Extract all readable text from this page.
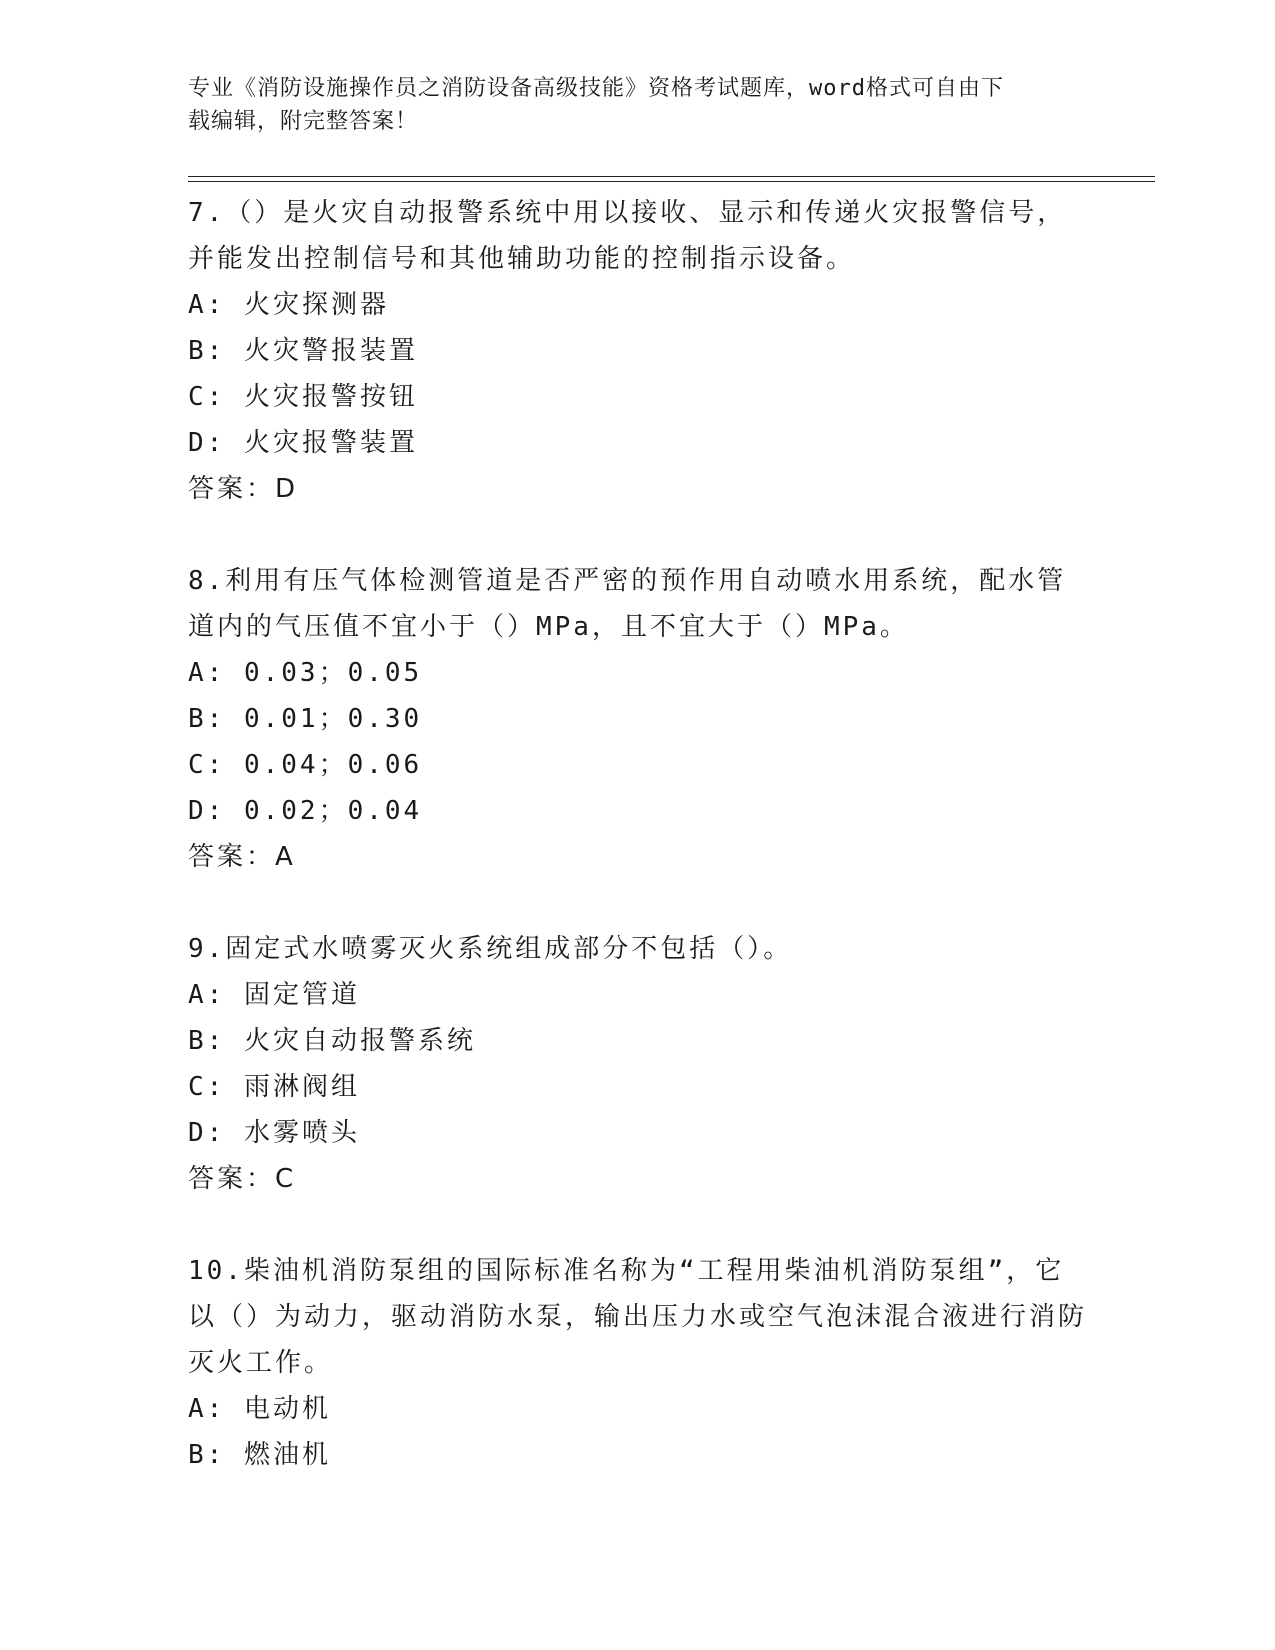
专业《消防设施操作员之消防设备高级技能》资格考试题库，word格式可自由下
载编辑，附完整答案！

7.（）是火灾自动报警系统中用以接收、显示和传递火灾报警信号，并能发出控制信号和其他辅助功能的控制指示设备。

A: 火灾探测器

B: 火灾警报装置

C: 火灾报警按钮

D: 火灾报警装置

答案：D

8.利用有压气体检测管道是否严密的预作用自动喷水用系统，配水管道内的气压值不宜小于（）MPa，且不宜大于（）MPa。

A: 0.03；0.05

B: 0.01；0.30

C: 0.04；0.06

D: 0.02；0.04

答案：A

9.固定式水喷雾灭火系统组成部分不包括（）。

A: 固定管道

B: 火灾自动报警系统

C: 雨淋阀组

D: 水雾喷头

答案：C

10.柴油机消防泵组的国际标准名称为“工程用柴油机消防泵组”，它以（）为动力，驱动消防水泵，输出压力水或空气泡沫混合液进行消防灭火工作。

A: 电动机

B: 燃油机
